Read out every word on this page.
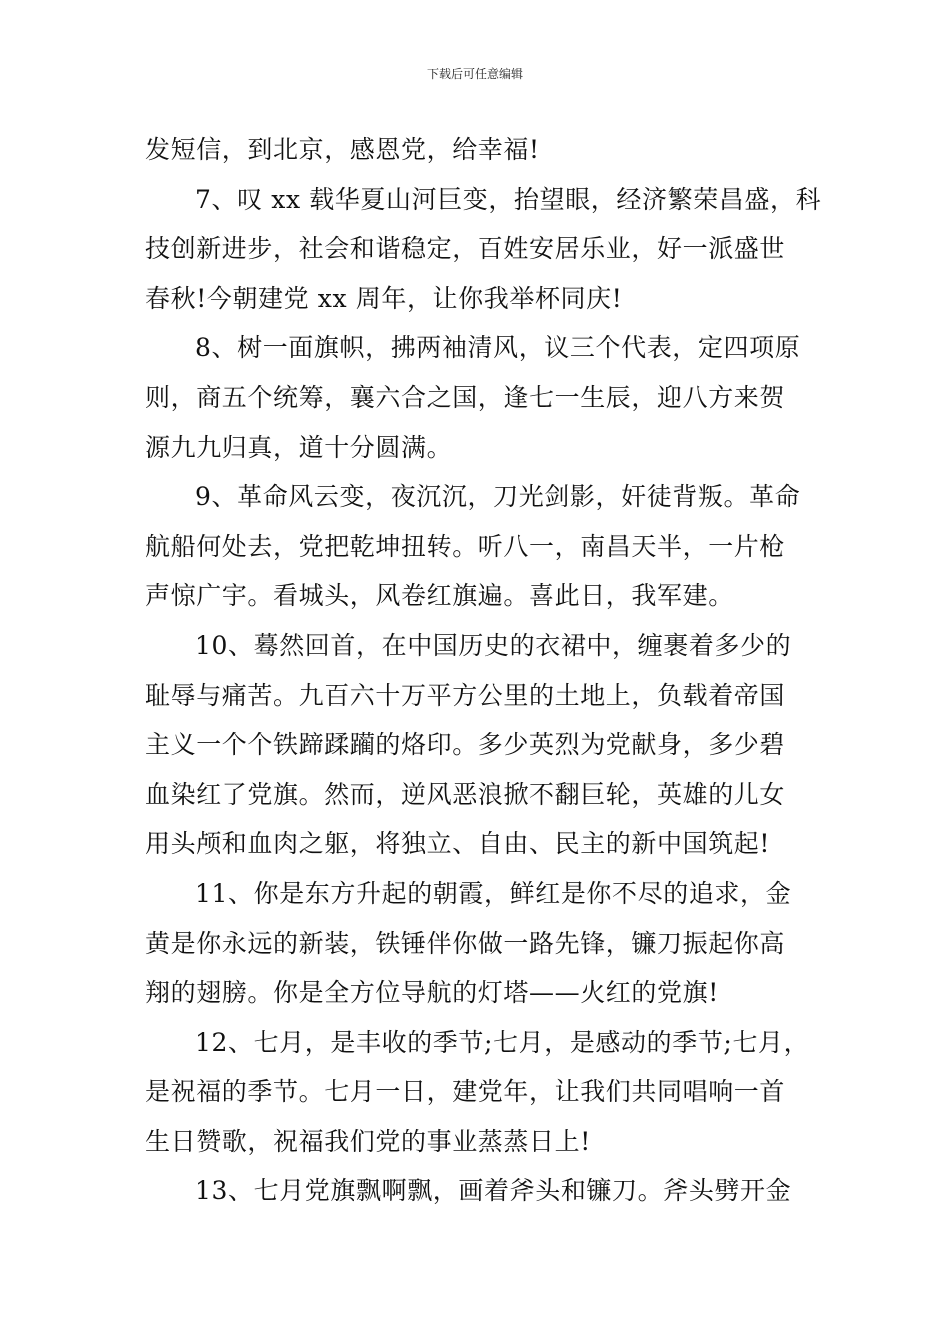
下载后可任意编辑
发短信，到北京，感恩党，给幸福!
7、叹 xx 载华夏山河巨变，抬望眼，经济繁荣昌盛，科
技创新进步，社会和谐稳定，百姓安居乐业，好一派盛世
春秋!今朝建党 xx 周年，让你我举杯同庆!
8、树一面旗帜，拂两袖清风，议三个代表，定四项原
则，商五个统筹，襄六合之国，逢七一生辰，迎八方来贺
源九九归真，道十分圆满。
9、革命风云变，夜沉沉，刀光剑影，奸徒背叛。革命
航船何处去，党把乾坤扭转。听八一，南昌天半，一片枪
声惊广宇。看城头，风卷红旗遍。喜此日，我军建。
10、蓦然回首，在中国历史的衣裙中，缠裹着多少的
耻辱与痛苦。九百六十万平方公里的土地上，负载着帝国
主义一个个铁蹄蹂躏的烙印。多少英烈为党献身，多少碧
血染红了党旗。然而，逆风恶浪掀不翻巨轮，英雄的儿女
用头颅和血肉之躯，将独立、自由、民主的新中国筑起!
11、你是东方升起的朝霞，鲜红是你不尽的追求，金
黄是你永远的新装，铁锤伴你做一路先锋，镰刀振起你高
翔的翅膀。你是全方位导航的灯塔——火红的党旗!
12、七月，是丰收的季节;七月，是感动的季节;七月，
是祝福的季节。七月一日，建党年，让我们共同唱响一首
生日赞歌，祝福我们党的事业蒸蒸日上!
13、七月党旗飘啊飘，画着斧头和镰刀。斧头劈开金
